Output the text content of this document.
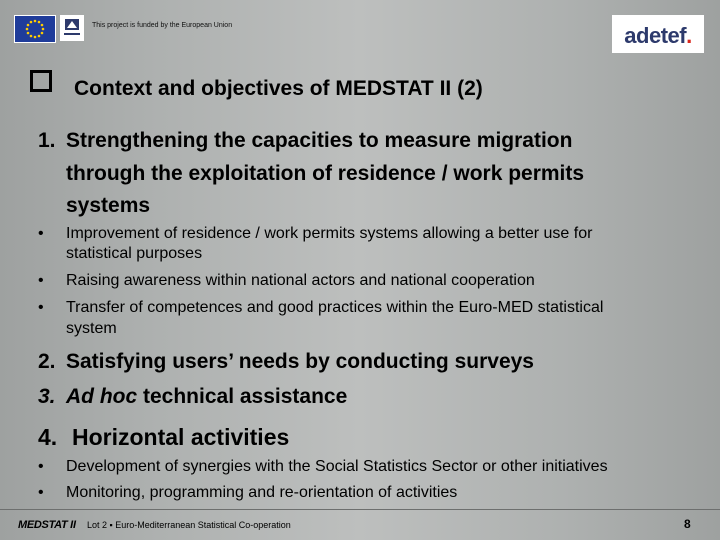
This project is funded by the European Union	adetef.
Context and objectives of MEDSTAT II (2)
1. Strengthening the capacities to measure migration
through the exploitation of residence / work permits
systems
• Improvement of residence / work permits systems allowing a better use for
statistical purposes
• Raising awareness within national actors and national cooperation
• Transfer of competences and good practices within the Euro-MED statistical
system
2. Satisfying users’ needs by conducting surveys
3. Ad hoc technical assistance
4. Horizontal activities
• Development of synergies with the Social Statistics Sector or other initiatives
• Monitoring, programming and re-orientation of activities
MEDSTAT II Lot 2 ▪ Euro-Mediterranean Statistical Co-operation	8
